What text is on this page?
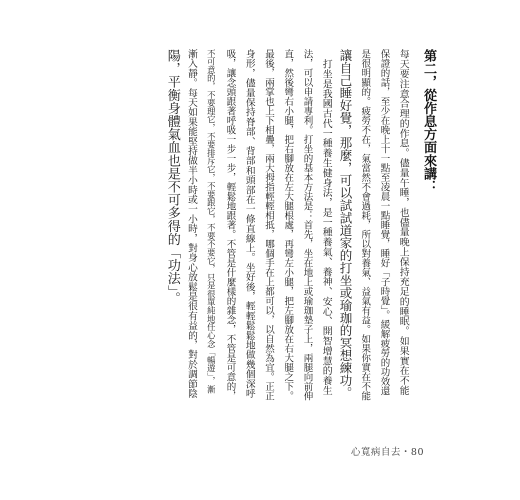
第二，從作息方面來講：
每天要注意合理的作息。儘量午睡，也儘量晚上保持充足的睡眠。如果實在不能
保證的話，至少在晚上十一點至凌晨一點睡覺，睡好「子時覺」。緩解疲勞的功效還
是很明顯的。疲勞不在，氣當然不會過耗，所以對養氣、益氣有益。如果你實在不能
讓自己睡好覺，那麼，可以試試道家的打坐或瑜珈的冥想練功。
　打坐是我國古代一種養生健身法，是一種養氣、養神、安心、開智增慧的養生
法，可以申請專利。打坐的基本方法是：首先，坐在地上或瑜珈墊子上，兩腿向前伸
直，然後彎右小腿，把右腳放在左大腿根處，再彎左小腿，把左腳放在右大腿之下。
最後，兩掌也上下相疊，兩大拇指輕輕相抵，哪個手在上都可以，以自然為宜。正正
身形，儘量保持脊部、背部和頭部在一條直線上。坐好後，輕輕鬆鬆地做幾個深呼
吸，讓念頭跟著呼吸一步一步，輕鬆地跟著。不管是什麼樣的雜念，不管是可意的，
不可意的，不要理它，不要排斥它，不要跟它，不要不要它，只是很單純地任心念「暢遊」，漸
漸入靜。每天如果能堅持做半小時或一小時，對身心放鬆是很有益的，對於調節陰
陽，平衡身體氣血也是不可多得的「功法」。
心寬病自去・80
